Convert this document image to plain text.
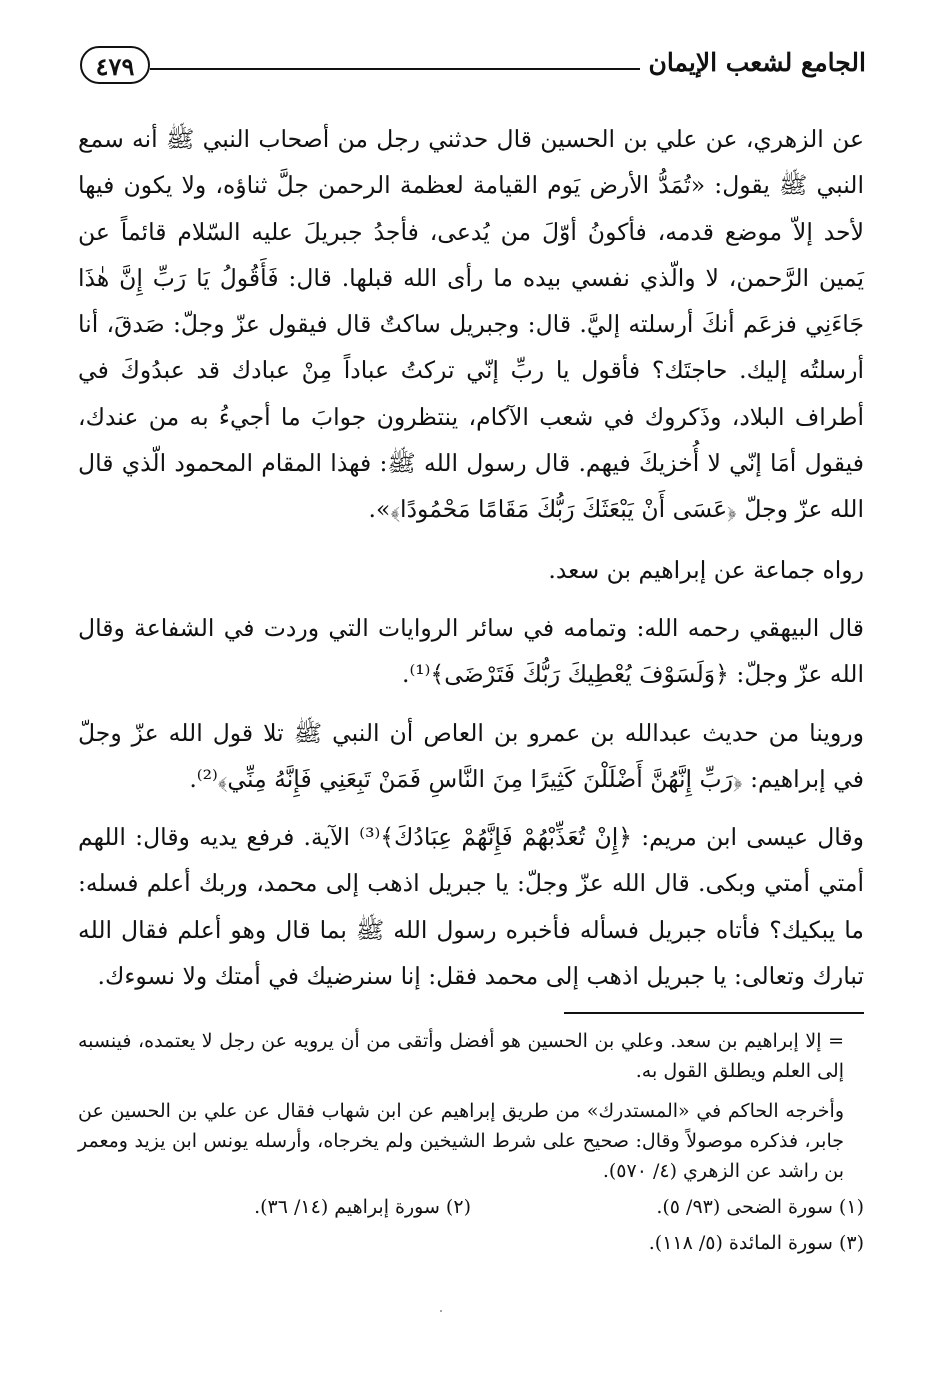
الجامع لشعب الإيمان
٤٧٩

عن الزهري، عن علي بن الحسين قال حدثني رجل من أصحاب النبي ﷺ أنه سمع النبي ﷺ يقول: «تُمَدُّ الأرض يَوم القيامة لعظمة الرحمن جلَّ ثناؤه، ولا يكون فيها لأحد إلاّ موضع قدمه، فأكونُ أوّلَ من يُدعى، فأجدُ جبريلَ عليه السّلام قائماً عن يَمين الرَّحمن، لا والّذي نفسي بيده ما رأى الله قبلها. قال: فَأَقُولُ يَا رَبِّ إِنَّ هٰذَا جَاءَنِي فزعَم أنكَ أرسلته إليَّ. قال: وجبريل ساكتٌ قال فيقول عزّ وجلّ: صَدقَ، أنا أرسلتُه إليك. حاجتَك؟ فأقول يا ربِّ إنّي تركتُ عباداً مِنْ عبادك قد عبدُوكَ في أطراف البلاد، وذَكروك في شعب الآكام، ينتظرون جوابَ ما أجيءُ به من عندك، فيقول أمَا إنّي لا أُخزيكَ فيهم. قال رسول الله ﷺ: فهذا المقام المحمود الّذي قال الله عزّ وجلّ ﴿عَسَى أَنْ يَبْعَثَكَ رَبُّكَ مَقَامًا مَحْمُودًا﴾».

رواه جماعة عن إبراهيم بن سعد.

قال البيهقي رحمه الله: وتمامه في سائر الروايات التي وردت في الشفاعة وقال الله عزّ وجلّ: ﴿وَلَسَوْفَ يُعْطِيكَ رَبُّكَ فَتَرْضَى﴾⁽¹⁾.

وروينا من حديث عبدالله بن عمرو بن العاص أن النبي ﷺ تلا قول الله عزّ وجلّ في إبراهيم: ﴿رَبِّ إِنَّهُنَّ أَضْلَلْنَ كَثِيرًا مِنَ النَّاسِ فَمَنْ تَبِعَنِي فَإِنَّهُ مِنِّي﴾⁽²⁾.

وقال عيسى ابن مريم: ﴿إِنْ تُعَذِّبْهُمْ فَإِنَّهُمْ عِبَادُكَ﴾⁽³⁾ الآية. فرفع يديه وقال: اللهم أمتي أمتي وبكى. قال الله عزّ وجلّ: يا جبريل اذهب إلى محمد، وربك أعلم فسله: ما يبكيك؟ فأتاه جبريل فسأله فأخبره رسول الله ﷺ بما قال وهو أعلم فقال الله تبارك وتعالى: يا جبريل اذهب إلى محمد فقل: إنا سنرضيك في أمتك ولا نسوءك.

= إلا إبراهيم بن سعد. وعلي بن الحسين هو أفضل وأتقى من أن يرويه عن رجل لا يعتمده، فينسبه إلى العلم ويطلق القول به.

وأخرجه الحاكم في «المستدرك» من طريق إبراهيم عن ابن شهاب فقال عن علي بن الحسين عن جابر، فذكره موصولاً وقال: صحيح على شرط الشيخين ولم يخرجاه، وأرسله يونس ابن يزيد ومعمر بن راشد عن الزهري (٤/ ٥٧٠).

(١) سورة الضحى (٩٣/ ٥).
(٢) سورة إبراهيم (١٤/ ٣٦).

(٣) سورة المائدة (٥/ ١١٨).
